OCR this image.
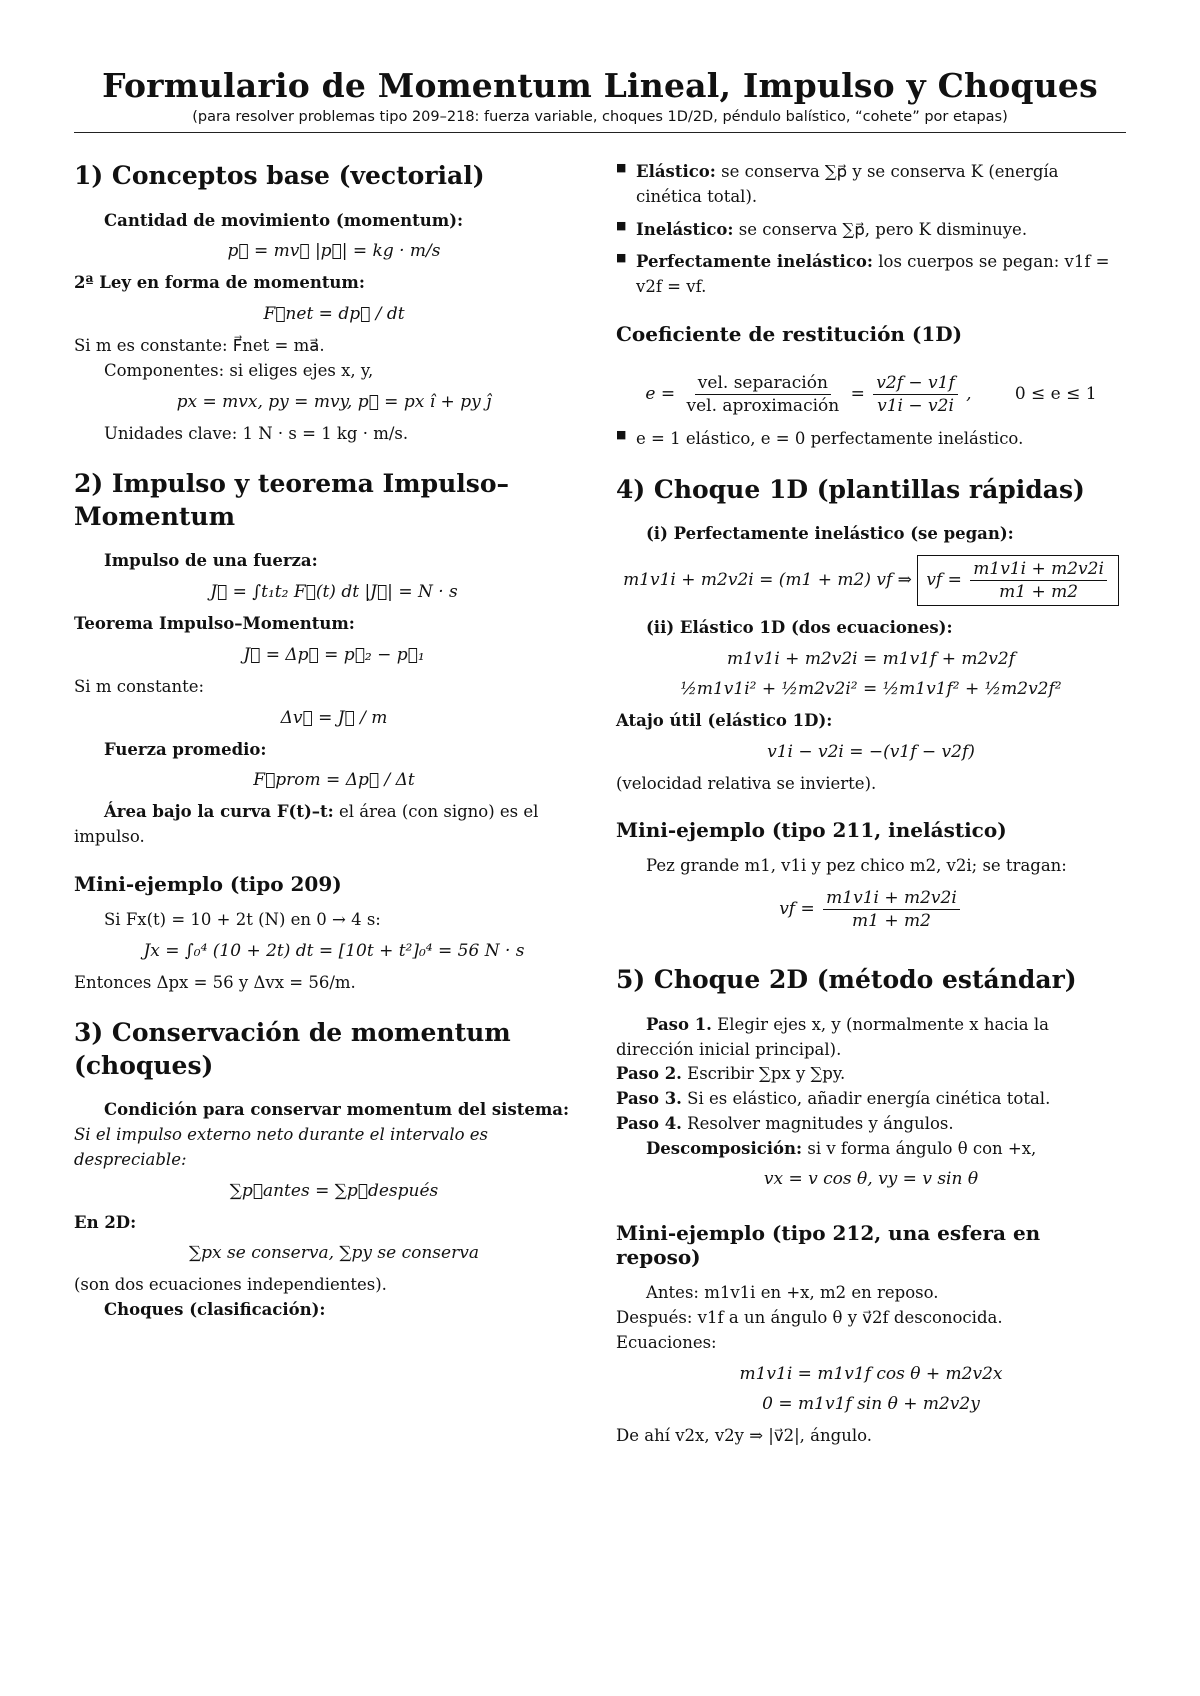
Formulario de Momentum Lineal, Impulso y Choques
(para resolver problemas tipo 209–218: fuerza variable, choques 1D/2D, péndulo balístico, “cohete” por etapas)
1) Conceptos base (vectorial)

Cantidad de movimiento (momentum):

p⃗ = mv⃗ |p⃗| = kg · m/s

2ª Ley en forma de momentum:

F⃗net = dp⃗ / dt

Si m es constante: F⃗net = ma⃗.

Componentes: si eliges ejes x, y,

px = mvx, py = mvy, p⃗ = px î + py ĵ

Unidades clave: 1 N · s = 1 kg · m/s.

2) Impulso y teorema Impulso–Momentum

Impulso de una fuerza:

J⃗ = ∫t₁t₂ F⃗(t) dt |J⃗| = N · s

Teorema Impulso–Momentum:

J⃗ = Δp⃗ = p⃗₂ − p⃗₁

Si m constante:

Δv⃗ = J⃗ / m

Fuerza promedio:

F⃗prom = Δp⃗ / Δt

Área bajo la curva F(t)–t: el área (con signo) es el impulso.

Mini-ejemplo (tipo 209)

Si Fx(t) = 10 + 2t (N) en 0 → 4 s:

Jx = ∫₀⁴ (10 + 2t) dt = [10t + t²]₀⁴ = 56 N · s

Entonces Δpx = 56 y Δvx = 56/m.

3) Conservación de momentum (choques)

Condición para conservar momentum del sistema:

Si el impulso externo neto durante el intervalo es despreciable:

∑p⃗antes = ∑p⃗después

En 2D:

∑px se conserva, ∑py se conserva

(son dos ecuaciones independientes).

Choques (clasificación):

■ Elástico: se conserva ∑p⃗ y se conserva K (energía cinética total).
■ Inelástico: se conserva ∑p⃗, pero K disminuye.
■ Perfectamente inelástico: los cuerpos se pegan: v1f = v2f = vf.
Coeficiente de restitución (1D)
$e = \frac{\text{vel. separación}}{\text{vel. aproximación}} = \frac{v2f - v1f}{v1i - v2i}$ ,        0 ≤ e ≤ 1
■ e = 1 elástico, e = 0 perfectamente inelástico.
4) Choque 1D (plantillas rápidas)

(i) Perfectamente inelástico (se pegan):

m1v1i + m2v2i = (m1 + m2) vf ⇒ vf = $\frac{m1v1i + m2v2i}{m1 + m2}$

(ii) Elástico 1D (dos ecuaciones):

m1v1i + m2v2i = m1v1f + m2v2f
½m1v1i² + ½m2v2i² = ½m1v1f² + ½m2v2f²

Atajo útil (elástico 1D):

v1i − v2i = −(v1f − v2f)

(velocidad relativa se invierte).

Mini-ejemplo (tipo 211, inelástico)

Pez grande m1, v1i y pez chico m2, v2i; se tragan:

vf = $\frac{m1v1i + m2v2i}{m1 + m2}$
5) Choque 2D (método estándar)

Paso 1. Elegir ejes x, y (normalmente x hacia la dirección inicial principal).

Paso 2. Escribir ∑px y ∑py.

Paso 3. Si es elástico, añadir energía cinética total.

Paso 4. Resolver magnitudes y ángulos.

Descomposición: si v forma ángulo θ con +x,

vx = v cos θ, vy = v sin θ
Mini-ejemplo (tipo 212, una esfera en reposo)

Antes: m1v1i en +x, m2 en reposo.

Después: v1f a un ángulo θ y v⃗2f desconocida.

Ecuaciones:

m1v1i = m1v1f cos θ + m2v2x
0 = m1v1f sin θ + m2v2y

De ahí v2x, v2y ⇒ |v⃗2|, ángulo.
